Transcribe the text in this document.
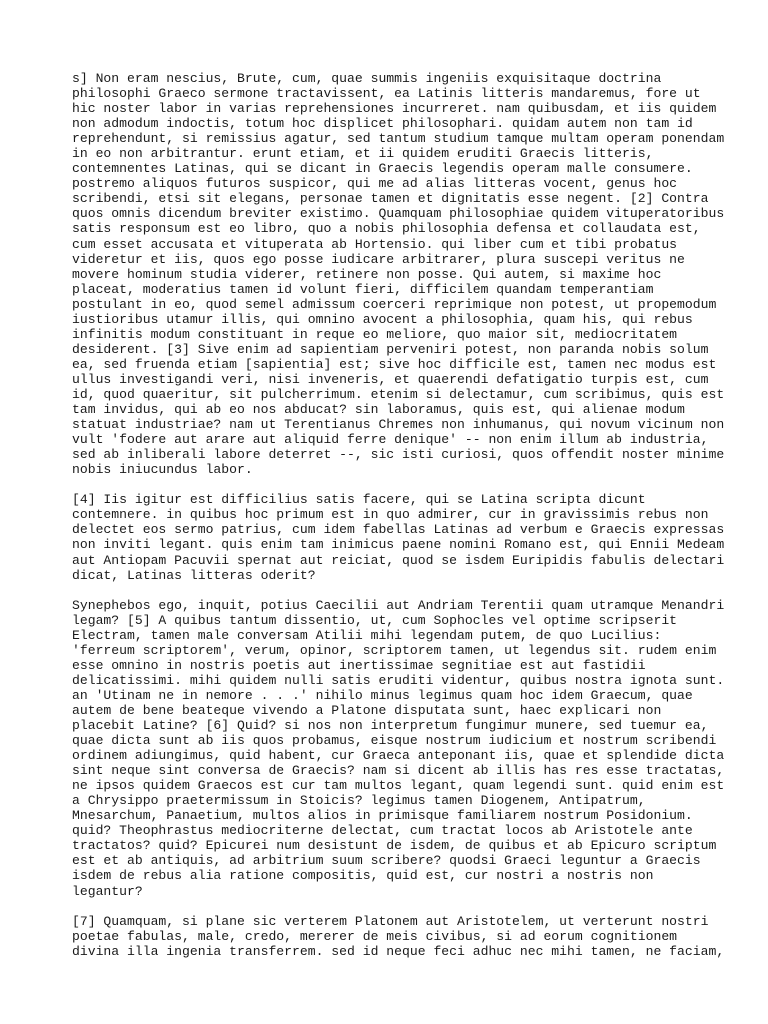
s] Non eram nescius, Brute, cum, quae summis ingeniis exquisitaque doctrina
philosophi Graeco sermone tractavissent, ea Latinis litteris mandaremus, fore ut
hic noster labor in varias reprehensiones incurreret. nam quibusdam, et iis quidem
non admodum indoctis, totum hoc displicet philosophari. quidam autem non tam id
reprehendunt, si remissius agatur, sed tantum studium tamque multam operam ponendam
in eo non arbitrantur. erunt etiam, et ii quidem eruditi Graecis litteris,
contemnentes Latinas, qui se dicant in Graecis legendis operam malle consumere.
postremo aliquos futuros suspicor, qui me ad alias litteras vocent, genus hoc
scribendi, etsi sit elegans, personae tamen et dignitatis esse negent. [2] Contra
quos omnis dicendum breviter existimo. Quamquam philosophiae quidem vituperatoribus
satis responsum est eo libro, quo a nobis philosophia defensa et collaudata est,
cum esset accusata et vituperata ab Hortensio. qui liber cum et tibi probatus
videretur et iis, quos ego posse iudicare arbitrarer, plura suscepi veritus ne
movere hominum studia viderer, retinere non posse. Qui autem, si maxime hoc
placeat, moderatius tamen id volunt fieri, difficilem quandam temperantiam
postulant in eo, quod semel admissum coerceri reprimique non potest, ut propemodum
iustioribus utamur illis, qui omnino avocent a philosophia, quam his, qui rebus
infinitis modum constituant in reque eo meliore, quo maior sit, mediocritatem
desiderent. [3] Sive enim ad sapientiam perveniri potest, non paranda nobis solum
ea, sed fruenda etiam [sapientia] est; sive hoc difficile est, tamen nec modus est
ullus investigandi veri, nisi inveneris, et quaerendi defatigatio turpis est, cum
id, quod quaeritur, sit pulcherrimum. etenim si delectamur, cum scribimus, quis est
tam invidus, qui ab eo nos abducat? sin laboramus, quis est, qui alienae modum
statuat industriae? nam ut Terentianus Chremes non inhumanus, qui novum vicinum non
vult 'fodere aut arare aut aliquid ferre denique' -- non enim illum ab industria,
sed ab inliberali labore deterret --, sic isti curiosi, quos offendit noster minime
nobis iniucundus labor.

[4] Iis igitur est difficilius satis facere, qui se Latina scripta dicunt
contemnere. in quibus hoc primum est in quo admirer, cur in gravissimis rebus non
delectet eos sermo patrius, cum idem fabellas Latinas ad verbum e Graecis expressas
non inviti legant. quis enim tam inimicus paene nomini Romano est, qui Ennii Medeam
aut Antiopam Pacuvii spernat aut reiciat, quod se isdem Euripidis fabulis delectari
dicat, Latinas litteras oderit?

Synephebos ego, inquit, potius Caecilii aut Andriam Terentii quam utramque Menandri
legam? [5] A quibus tantum dissentio, ut, cum Sophocles vel optime scripserit
Electram, tamen male conversam Atilii mihi legendam putem, de quo Lucilius:
'ferreum scriptorem', verum, opinor, scriptorem tamen, ut legendus sit. rudem enim
esse omnino in nostris poetis aut inertissimae segnitiae est aut fastidii
delicatissimi. mihi quidem nulli satis eruditi videntur, quibus nostra ignota sunt.
an 'Utinam ne in nemore . . .' nihilo minus legimus quam hoc idem Graecum, quae
autem de bene beateque vivendo a Platone disputata sunt, haec explicari non
placebit Latine? [6] Quid? si nos non interpretum fungimur munere, sed tuemur ea,
quae dicta sunt ab iis quos probamus, eisque nostrum iudicium et nostrum scribendi
ordinem adiungimus, quid habent, cur Graeca anteponant iis, quae et splendide dicta
sint neque sint conversa de Graecis? nam si dicent ab illis has res esse tractatas,
ne ipsos quidem Graecos est cur tam multos legant, quam legendi sunt. quid enim est
a Chrysippo praetermissum in Stoicis? legimus tamen Diogenem, Antipatrum,
Mnesarchum, Panaetium, multos alios in primisque familiarem nostrum Posidonium.
quid? Theophrastus mediocriterne delectat, cum tractat locos ab Aristotele ante
tractatos? quid? Epicurei num desistunt de isdem, de quibus et ab Epicuro scriptum
est et ab antiquis, ad arbitrium suum scribere? quodsi Graeci leguntur a Graecis
isdem de rebus alia ratione compositis, quid est, cur nostri a nostris non
legantur?

[7] Quamquam, si plane sic verterem Platonem aut Aristotelem, ut verterunt nostri
poetae fabulas, male, credo, mererer de meis civibus, si ad eorum cognitionem
divina illa ingenia transferrem. sed id neque feci adhuc nec mihi tamen, ne faciam,
